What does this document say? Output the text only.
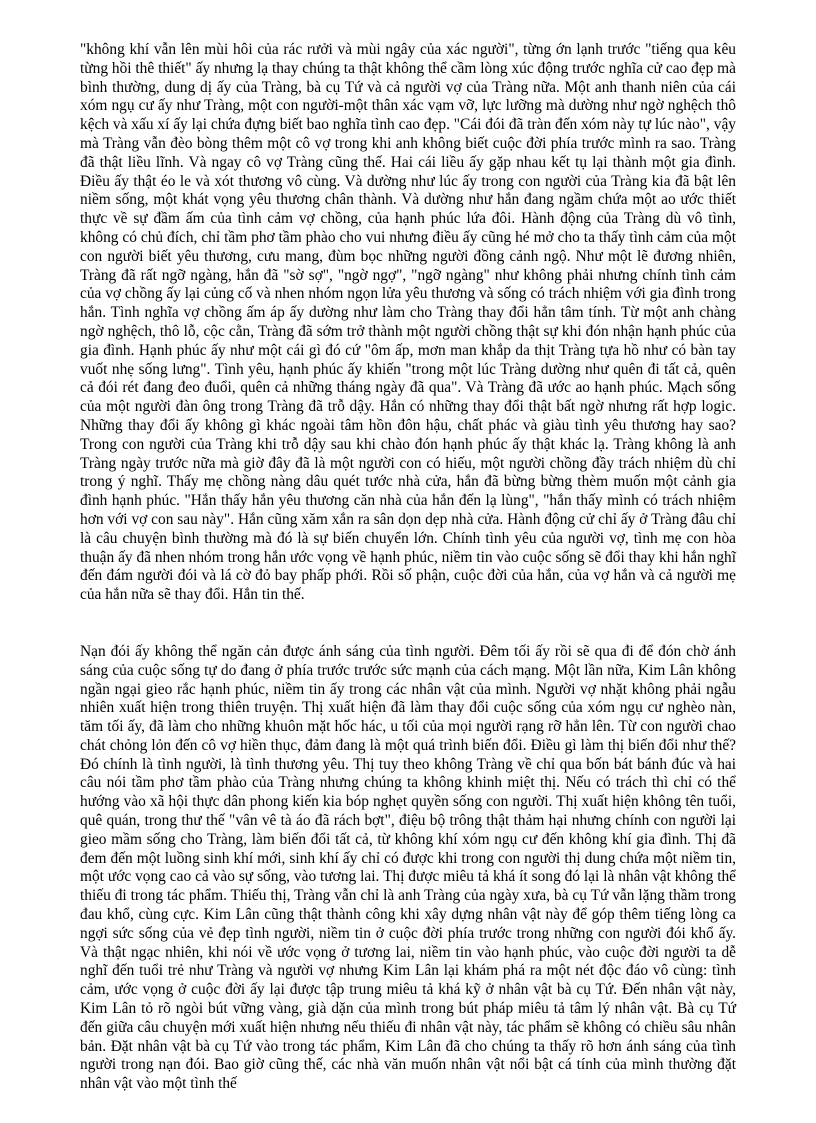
"không khí vẫn lên mùi hôi của rác rưởi và mùi ngây của xác người", từng ớn lạnh trước "tiếng qua kêu từng hồi thê thiết" ấy nhưng lạ thay chúng ta thật không thể cầm lòng xúc động trước nghĩa cử cao đẹp mà bình thường, dung dị ấy của Tràng, bà cụ Tứ và cả người vợ của Tràng nữa. Một anh thanh niên của cái xóm ngụ cư ấy như Tràng, một con người-một thân xác vạm vỡ, lực lưỡng mà dường như ngờ nghệch thô kệch và xấu xí ấy lại chứa đựng biết bao nghĩa tình cao đẹp. "Cái đói đã tràn đến xóm này tự lúc nào", vậy mà Tràng vẫn đèo bòng thêm một cô vợ trong khi anh không biết cuộc đời phía trước mình ra sao. Tràng đã thật liều lĩnh. Và ngay cô vợ Tràng cũng thế. Hai cái liều ấy gặp nhau kết tụ lại thành một gia đình. Điều ấy thật éo le và xót thương vô cùng. Và dường như lúc ấy trong con người của Tràng kia đã bật lên niềm sống, một khát vọng yêu thương chân thành. Và dường như hắn đang ngầm chứa một ao ước thiết thực về sự đầm ấm của tình cảm vợ chồng, của hạnh phúc lứa đôi. Hành động của Tràng dù vô tình, không có chủ đích, chỉ tầm phơ tầm phào cho vui nhưng điều ấy cũng hé mở cho ta thấy tình cảm của một con người biết yêu thương, cưu mang, đùm bọc những người đồng cảnh ngộ. Như một lẽ đương nhiên, Tràng đã rất ngỡ ngàng, hắn đã "sờ sợ", "ngờ ngợ", "ngỡ ngàng" như không phải nhưng chính tình cảm của vợ chồng ấy lại củng cố và nhen nhóm ngọn lửa yêu thương và sống có trách nhiệm với gia đình trong hắn. Tình nghĩa vợ chồng ấm áp ấy dường như làm cho Tràng thay đổi hẳn tâm tính. Từ một anh chàng ngờ nghệch, thô lỗ, cộc cằn, Tràng đã sớm trở thành một người chồng thật sự khi đón nhận hạnh phúc của gia đình. Hạnh phúc ấy như một cái gì đó cứ "ôm ấp, mơn man khắp da thịt Tràng tựa hồ như có bàn tay vuốt nhẹ sống lưng". Tình yêu, hạnh phúc ấy khiến "trong một lúc Tràng dường như quên đi tất cả, quên cả đói rét đang đeo đuổi, quên cả những tháng ngày đã qua". Và Tràng đã ước ao hạnh phúc. Mạch sống của một người đàn ông trong Tràng đã trỗ dậy. Hắn có những thay đổi thật bất ngờ nhưng rất hợp logic. Những thay đổi ấy không gì khác ngoài tâm hồn đôn hậu, chất phác và giàu tình yêu thương hay sao? Trong con người của Tràng khi trỗ dậy sau khi chào đón hạnh phúc ấy thật khác lạ. Tràng không là anh Tràng ngày trước nữa mà giờ đây đã là một người con có hiếu, một người chồng đầy trách nhiệm dù chỉ trong ý nghĩ. Thấy mẹ chồng nàng dâu quét tước nhà cửa, hắn đã bừng bừng thèm muốn một cảnh gia đình hạnh phúc. "Hắn thấy hắn yêu thương căn nhà của hắn đến lạ lùng", "hắn thấy mình có trách nhiệm hơn với vợ con sau này". Hắn cũng xăm xắn ra sân dọn dẹp nhà cửa. Hành động cử chỉ ấy ở Tràng đâu chỉ là câu chuyện bình thường mà đó là sự biến chuyển lớn. Chính tình yêu của người vợ, tình mẹ con hòa thuận ấy đã nhen nhóm trong hắn ước vọng về hạnh phúc, niềm tin vào cuộc sống sẽ đổi thay khi hắn nghĩ đến đám người đói và lá cờ đỏ bay phấp phới. Rồi số phận, cuộc đời của hắn, của vợ hắn và cả người mẹ của hắn nữa sẽ thay đổi. Hắn tin thế.

Nạn đói ấy không thể ngăn cản được ánh sáng của tình người. Đêm tối ấy rồi sẽ qua đi để đón chờ ánh sáng của cuộc sống tự do đang ở phía trước trước sức mạnh của cách mạng. Một lần nữa, Kim Lân không ngần ngại gieo rắc hạnh phúc, niềm tin ấy trong các nhân vật của mình. Người vợ nhặt không phải ngẫu nhiên xuất hiện trong thiên truyện. Thị xuất hiện đã làm thay đổi cuộc sống của xóm ngụ cư nghèo nàn, tăm tối ấy, đã làm cho những khuôn mặt hốc hác, u tối của mọi người rạng rỡ hẳn lên. Từ con người chao chát chỏng lỏn đến cô vợ hiền thục, đảm đang là một quá trình biến đổi. Điều gì làm thị biến đổi như thế? Đó chính là tình người, là tình thương yêu. Thị tuy theo không Tràng về chỉ qua bốn bát bánh đúc và hai câu nói tầm phơ tầm phào của Tràng nhưng chúng ta không khinh miệt thị. Nếu có trách thì chỉ có thể hướng vào xã hội thực dân phong kiến kia bóp nghẹt quyền sống con người. Thị xuất hiện không tên tuổi, quê quán, trong thư thế "vân vê tà áo đã rách bợt", điệu bộ trông thật thảm hại nhưng chính con người lại gieo mầm sống cho Tràng, làm biến đổi tất cả, từ không khí xóm ngụ cư đến không khí gia đình. Thị đã đem đến một luồng sinh khí mới, sinh khí ấy chỉ có được khi trong con người thị dung chứa một niềm tin, một ước vọng cao cả vào sự sống, vào tương lai. Thị được miêu tả khá ít song đó lại là nhân vật không thể thiếu đi trong tác phẩm. Thiếu thị, Tràng vẫn chỉ là anh Tràng của ngày xưa, bà cụ Tứ vẫn lặng thầm trong đau khổ, cùng cực. Kim Lân cũng thật thành công khi xây dựng nhân vật này để góp thêm tiếng lòng ca ngợi sức sống của vẻ đẹp tình người, niềm tin ở cuộc đời phía trước trong những con người đói khổ ấy. Và thật ngạc nhiên, khi nói về ước vọng ở tương lai, niềm tin vào hạnh phúc, vào cuộc đời người ta dễ nghĩ đến tuổi trẻ như Tràng và người vợ nhưng Kim Lân lại khám phá ra một nét độc đáo vô cùng: tình cảm, ước vọng ở cuộc đời ấy lại được tập trung miêu tả khá kỹ ở nhân vật bà cụ Tứ. Đến nhân vật này, Kim Lân tỏ rõ ngòi bút vững vàng, già dặn của mình trong bút pháp miêu tả tâm lý nhân vật. Bà cụ Tứ đến giữa câu chuyện mới xuất hiện nhưng nếu thiếu đi nhân vật này, tác phẩm sẽ không có chiều sâu nhân bản. Đặt nhân vật bà cụ Tứ vào trong tác phẩm, Kim Lân đã cho chúng ta thấy rõ hơn ánh sáng của tình người trong nạn đói. Bao giờ cũng thế, các nhà văn muốn nhân vật nổi bật cá tính của mình thường đặt nhân vật vào một tình thế
